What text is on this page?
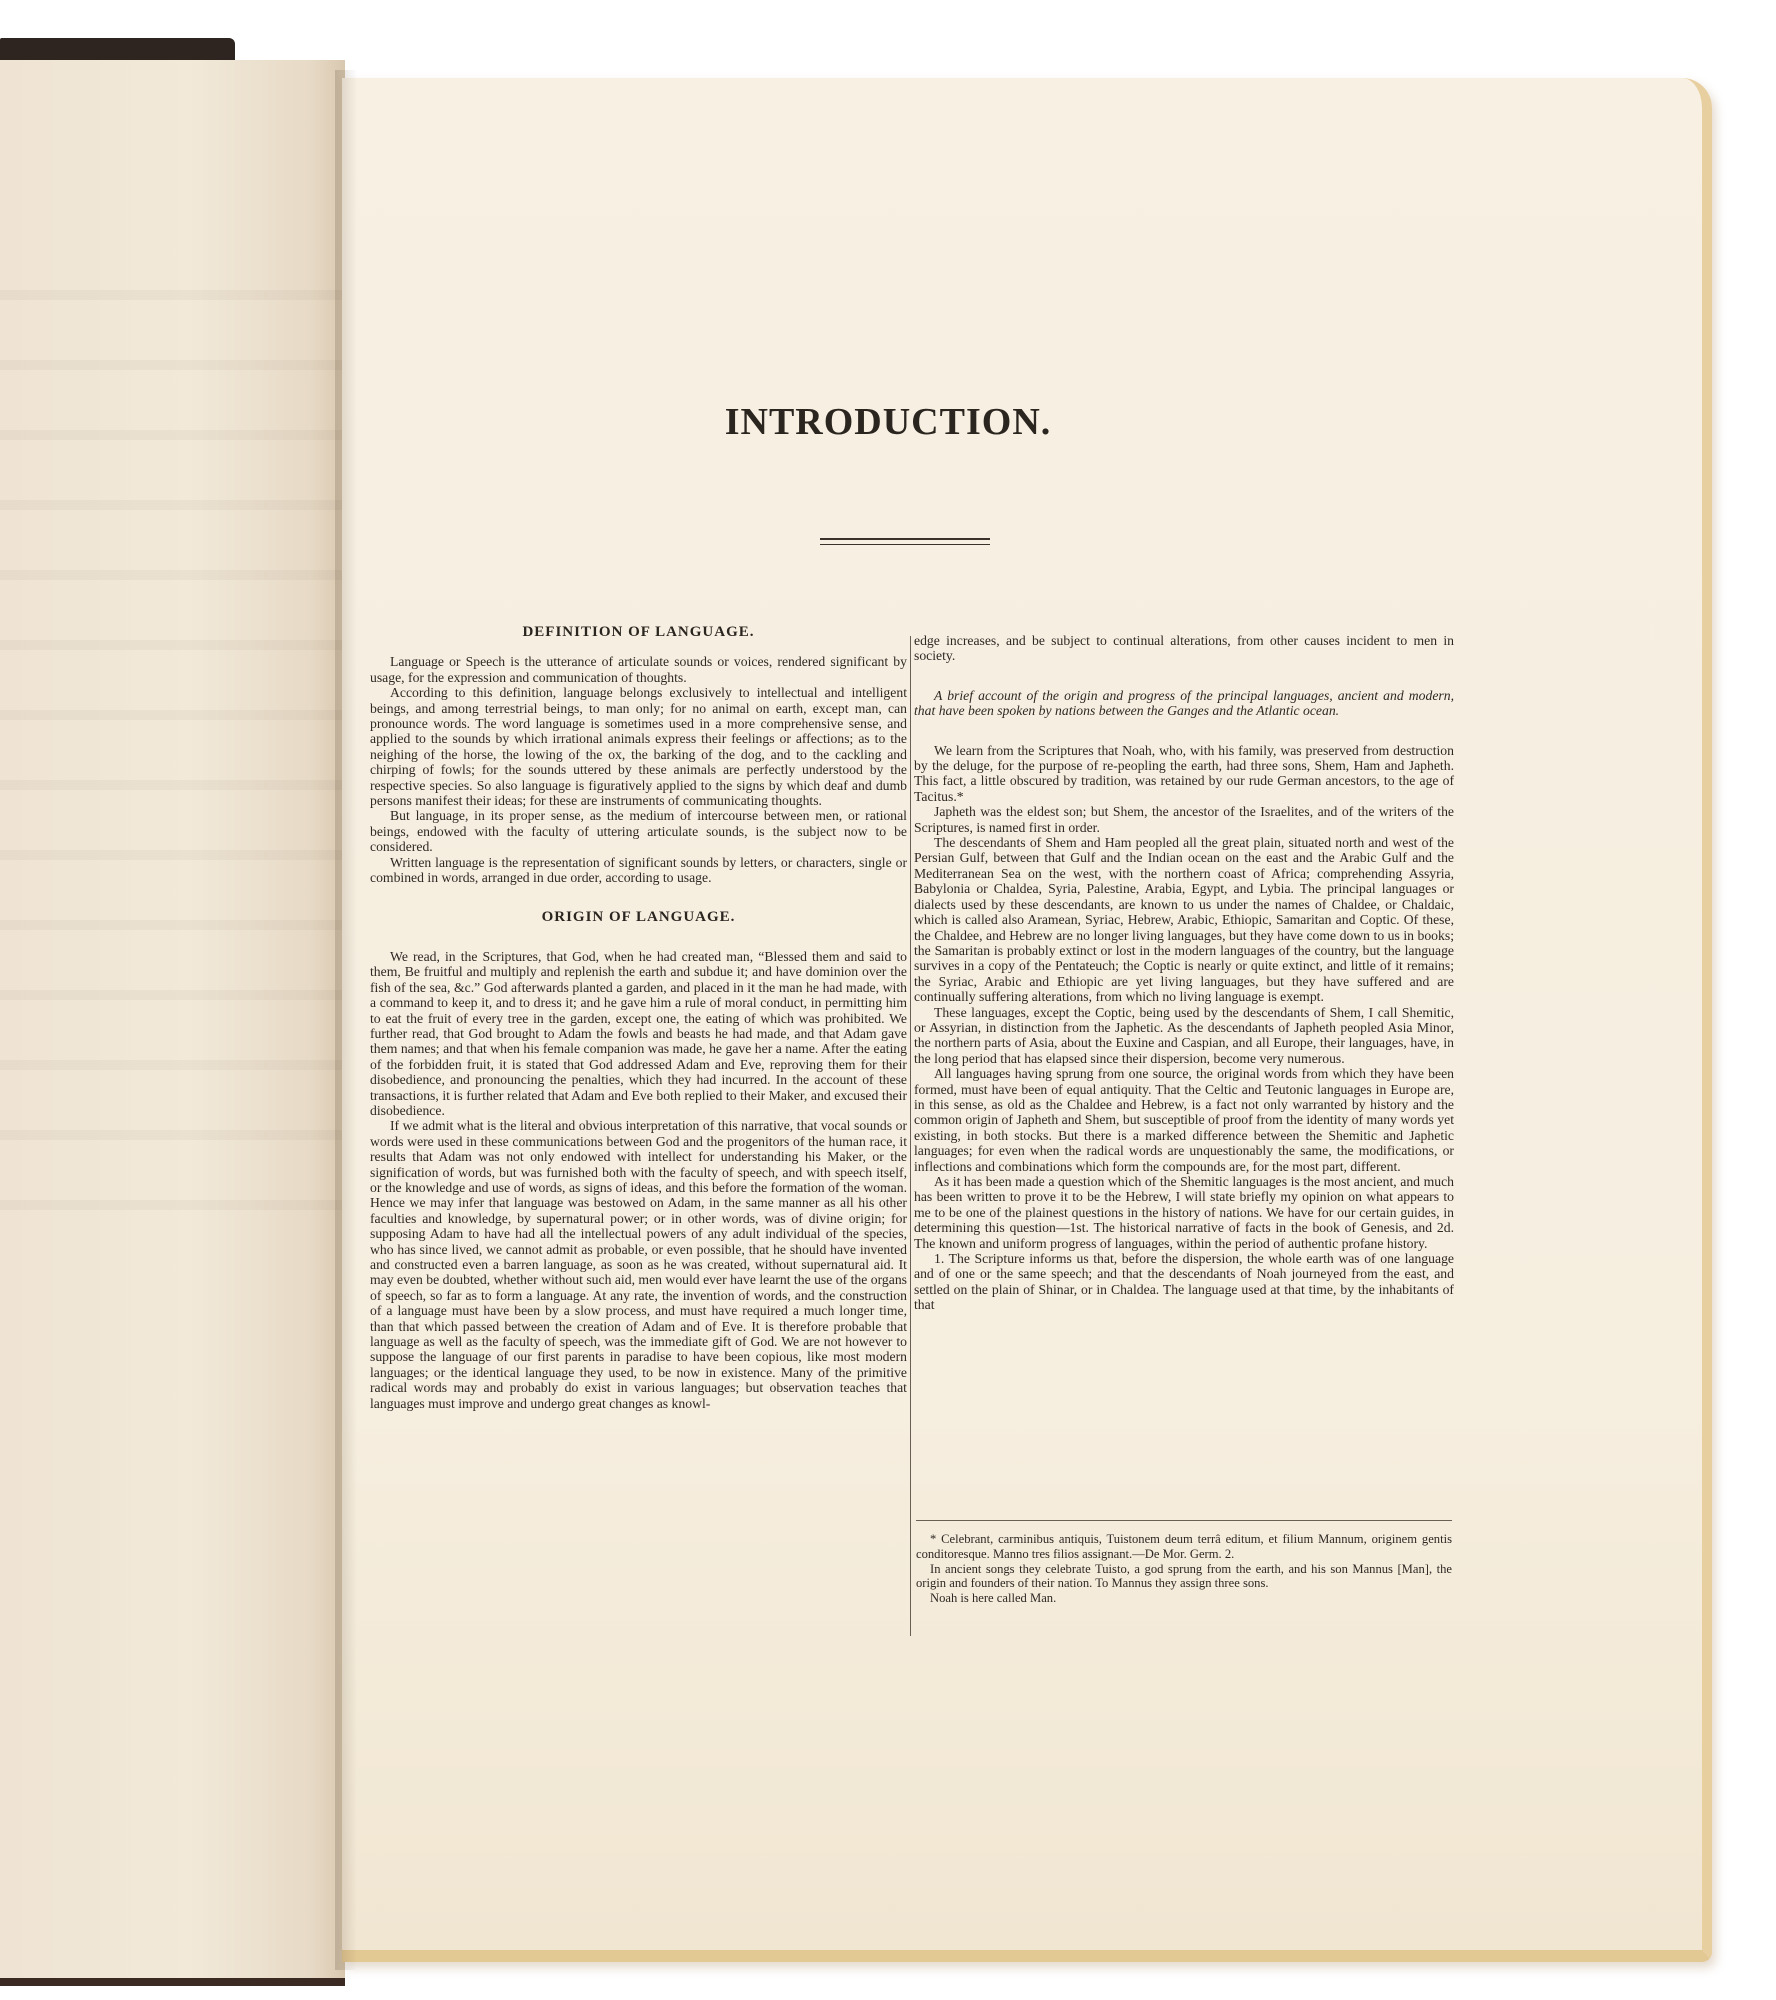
INTRODUCTION.
DEFINITION OF LANGUAGE.

Language or Speech is the utterance of articulate sounds or voices, rendered significant by usage, for the expression and communication of thoughts.

According to this definition, language belongs exclusively to intellectual and intelligent beings, and among terrestrial beings, to man only; for no animal on earth, except man, can pronounce words. The word language is sometimes used in a more comprehensive sense, and applied to the sounds by which irrational animals express their feelings or affections; as to the neighing of the horse, the lowing of the ox, the barking of the dog, and to the cackling and chirping of fowls; for the sounds uttered by these animals are perfectly understood by the respective species. So also language is figuratively applied to the signs by which deaf and dumb persons manifest their ideas; for these are instruments of communicating thoughts.

But language, in its proper sense, as the medium of intercourse between men, or rational beings, endowed with the faculty of uttering articulate sounds, is the subject now to be considered.

Written language is the representation of significant sounds by letters, or characters, single or combined in words, arranged in due order, according to usage.

ORIGIN OF LANGUAGE.

We read, in the Scriptures, that God, when he had created man, “Blessed them and said to them, Be fruitful and multiply and replenish the earth and subdue it; and have dominion over the fish of the sea, &c.” God afterwards planted a garden, and placed in it the man he had made, with a command to keep it, and to dress it; and he gave him a rule of moral conduct, in permitting him to eat the fruit of every tree in the garden, except one, the eating of which was prohibited. We further read, that God brought to Adam the fowls and beasts he had made, and that Adam gave them names; and that when his female companion was made, he gave her a name. After the eating of the forbidden fruit, it is stated that God addressed Adam and Eve, reproving them for their disobedience, and pronouncing the penalties, which they had incurred. In the account of these transactions, it is further related that Adam and Eve both replied to their Maker, and excused their disobedience.

If we admit what is the literal and obvious interpretation of this narrative, that vocal sounds or words were used in these communications between God and the progenitors of the human race, it results that Adam was not only endowed with intellect for understanding his Maker, or the signification of words, but was furnished both with the faculty of speech, and with speech itself, or the knowledge and use of words, as signs of ideas, and this before the formation of the woman. Hence we may infer that language was bestowed on Adam, in the same manner as all his other faculties and knowledge, by supernatural power; or in other words, was of divine origin; for supposing Adam to have had all the intellectual powers of any adult individual of the species, who has since lived, we cannot admit as probable, or even possible, that he should have invented and constructed even a barren language, as soon as he was created, without supernatural aid. It may even be doubted, whether without such aid, men would ever have learnt the use of the organs of speech, so far as to form a language. At any rate, the invention of words, and the construction of a language must have been by a slow process, and must have required a much longer time, than that which passed between the creation of Adam and of Eve. It is therefore probable that language as well as the faculty of speech, was the immediate gift of God. We are not however to suppose the language of our first parents in paradise to have been copious, like most modern languages; or the identical language they used, to be now in existence. Many of the primitive radical words may and probably do exist in various languages; but observation teaches that languages must improve and undergo great changes as knowl-

edge increases, and be subject to continual alterations, from other causes incident to men in society.

A brief account of the origin and progress of the principal languages, ancient and modern, that have been spoken by nations between the Ganges and the Atlantic ocean.

We learn from the Scriptures that Noah, who, with his family, was preserved from destruction by the deluge, for the purpose of re-peopling the earth, had three sons, Shem, Ham and Japheth. This fact, a little obscured by tradition, was retained by our rude German ancestors, to the age of Tacitus.*

Japheth was the eldest son; but Shem, the ancestor of the Israelites, and of the writers of the Scriptures, is named first in order.

The descendants of Shem and Ham peopled all the great plain, situated north and west of the Persian Gulf, between that Gulf and the Indian ocean on the east and the Arabic Gulf and the Mediterranean Sea on the west, with the northern coast of Africa; comprehending Assyria, Babylonia or Chaldea, Syria, Palestine, Arabia, Egypt, and Lybia. The principal languages or dialects used by these descendants, are known to us under the names of Chaldee, or Chaldaic, which is called also Aramean, Syriac, Hebrew, Arabic, Ethiopic, Samaritan and Coptic. Of these, the Chaldee, and Hebrew are no longer living languages, but they have come down to us in books; the Samaritan is probably extinct or lost in the modern languages of the country, but the language survives in a copy of the Pentateuch; the Coptic is nearly or quite extinct, and little of it remains; the Syriac, Arabic and Ethiopic are yet living languages, but they have suffered and are continually suffering alterations, from which no living language is exempt.

These languages, except the Coptic, being used by the descendants of Shem, I call Shemitic, or Assyrian, in distinction from the Japhetic. As the descendants of Japheth peopled Asia Minor, the northern parts of Asia, about the Euxine and Caspian, and all Europe, their languages, have, in the long period that has elapsed since their dispersion, become very numerous.

All languages having sprung from one source, the original words from which they have been formed, must have been of equal antiquity. That the Celtic and Teutonic languages in Europe are, in this sense, as old as the Chaldee and Hebrew, is a fact not only warranted by history and the common origin of Japheth and Shem, but susceptible of proof from the identity of many words yet existing, in both stocks. But there is a marked difference between the Shemitic and Japhetic languages; for even when the radical words are unquestionably the same, the modifications, or inflections and combinations which form the compounds are, for the most part, different.

As it has been made a question which of the Shemitic languages is the most ancient, and much has been written to prove it to be the Hebrew, I will state briefly my opinion on what appears to me to be one of the plainest questions in the history of nations. We have for our certain guides, in determining this question—1st. The historical narrative of facts in the book of Genesis, and 2d. The known and uniform progress of languages, within the period of authentic profane history.

1. The Scripture informs us that, before the dispersion, the whole earth was of one language and of one or the same speech; and that the descendants of Noah journeyed from the east, and settled on the plain of Shinar, or in Chaldea. The language used at that time, by the inhabitants of that

* Celebrant, carminibus antiquis, Tuistonem deum terrâ editum, et filium Mannum, originem gentis conditoresque. Manno tres filios assignant.—De Mor. Germ. 2.

In ancient songs they celebrate Tuisto, a god sprung from the earth, and his son Mannus [Man], the origin and founders of their nation. To Mannus they assign three sons.

Noah is here called Man.
